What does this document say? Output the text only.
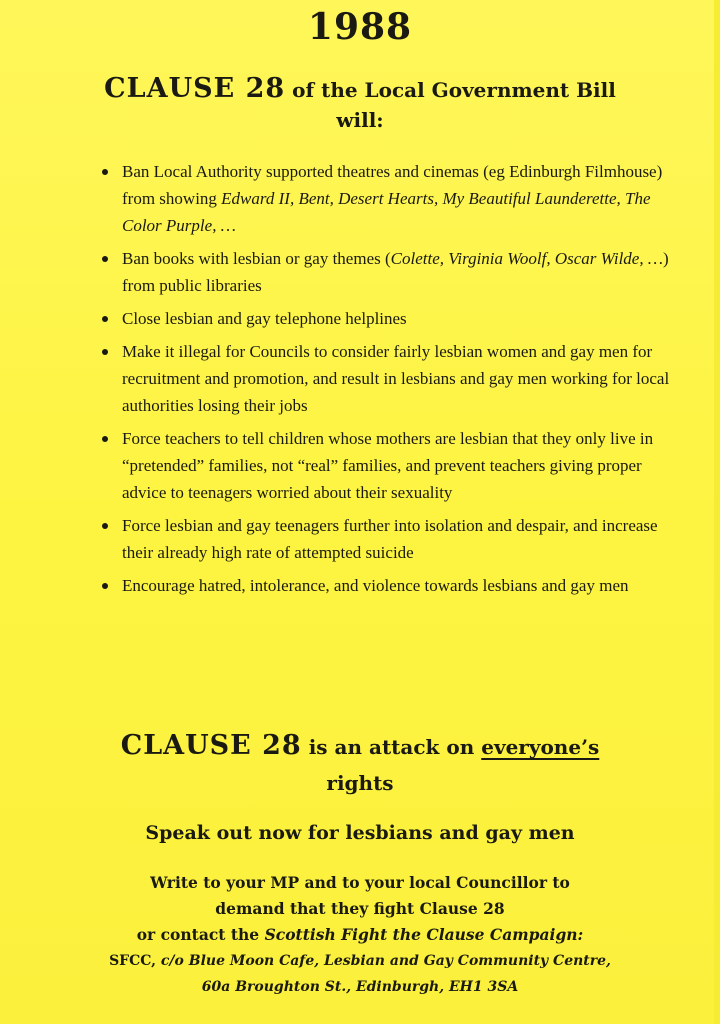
1988
CLAUSE 28 of the Local Government Bill
will:
Ban Local Authority supported theatres and cinemas (eg Edinburgh Filmhouse) from showing Edward II, Bent, Desert Hearts, My Beautiful Launderette, The Color Purple, …
Ban books with lesbian or gay themes (Colette, Virginia Woolf, Oscar Wilde, …) from public libraries
Close lesbian and gay telephone helplines
Make it illegal for Councils to consider fairly lesbian women and gay men for recruitment and promotion, and result in lesbians and gay men working for local authorities losing their jobs
Force teachers to tell children whose mothers are lesbian that they only live in “pretended” families, not “real” families, and prevent teachers giving proper advice to teenagers worried about their sexuality
Force lesbian and gay teenagers further into isolation and despair, and increase their already high rate of attempted suicide
Encourage hatred, intolerance, and violence towards lesbians and gay men
CLAUSE 28 is an attack on everyone’s
rights
Speak out now for lesbians and gay men
Write to your MP and to your local Councillor to
demand that they fight Clause 28
or contact the Scottish Fight the Clause Campaign:
SFCC, c/o Blue Moon Cafe, Lesbian and Gay Community Centre,
60a Broughton St., Edinburgh, EH1 3SA
